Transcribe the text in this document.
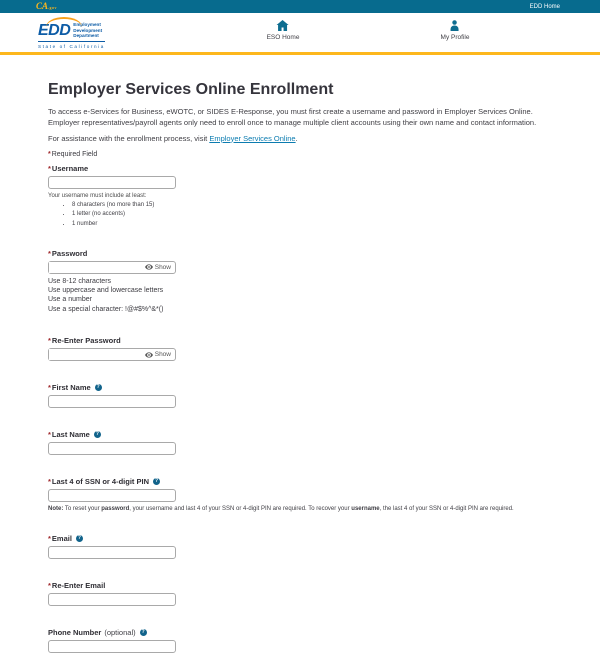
CA.gov	EDD Home
EDD Employment
Development
Department
State of California
ESO Home	My Profile
Employer Services Online Enrollment

To access e-Services for Business, eWOTC, or SIDES E-Response, you must first create a username and password in Employer Services Online. Employer representatives/payroll agents only need to enroll once to manage multiple client accounts using their own name and contact information.

For assistance with the enrollment process, visit Employer Services Online.

*Required Field

* Username
Your username must include at least:
• 8 characters (no more than 15)
• 1 letter (no accents)
• 1 number
* Password
Show
Use 8-12 characters
Use uppercase and lowercase letters
Use a number
Use a special character: !@#$%^&*()
* Re-Enter Password
Show
* First Name	?
* Last Name	?
* Last 4 of SSN or 4-digit PIN	?

Note: To reset your password, your username and last 4 of your SSN or 4-digit PIN are required. To recover your username, the last 4 of your SSN or 4-digit PIN are required.

* Email	?
* Re-Enter Email
Phone Number (optional)	?
